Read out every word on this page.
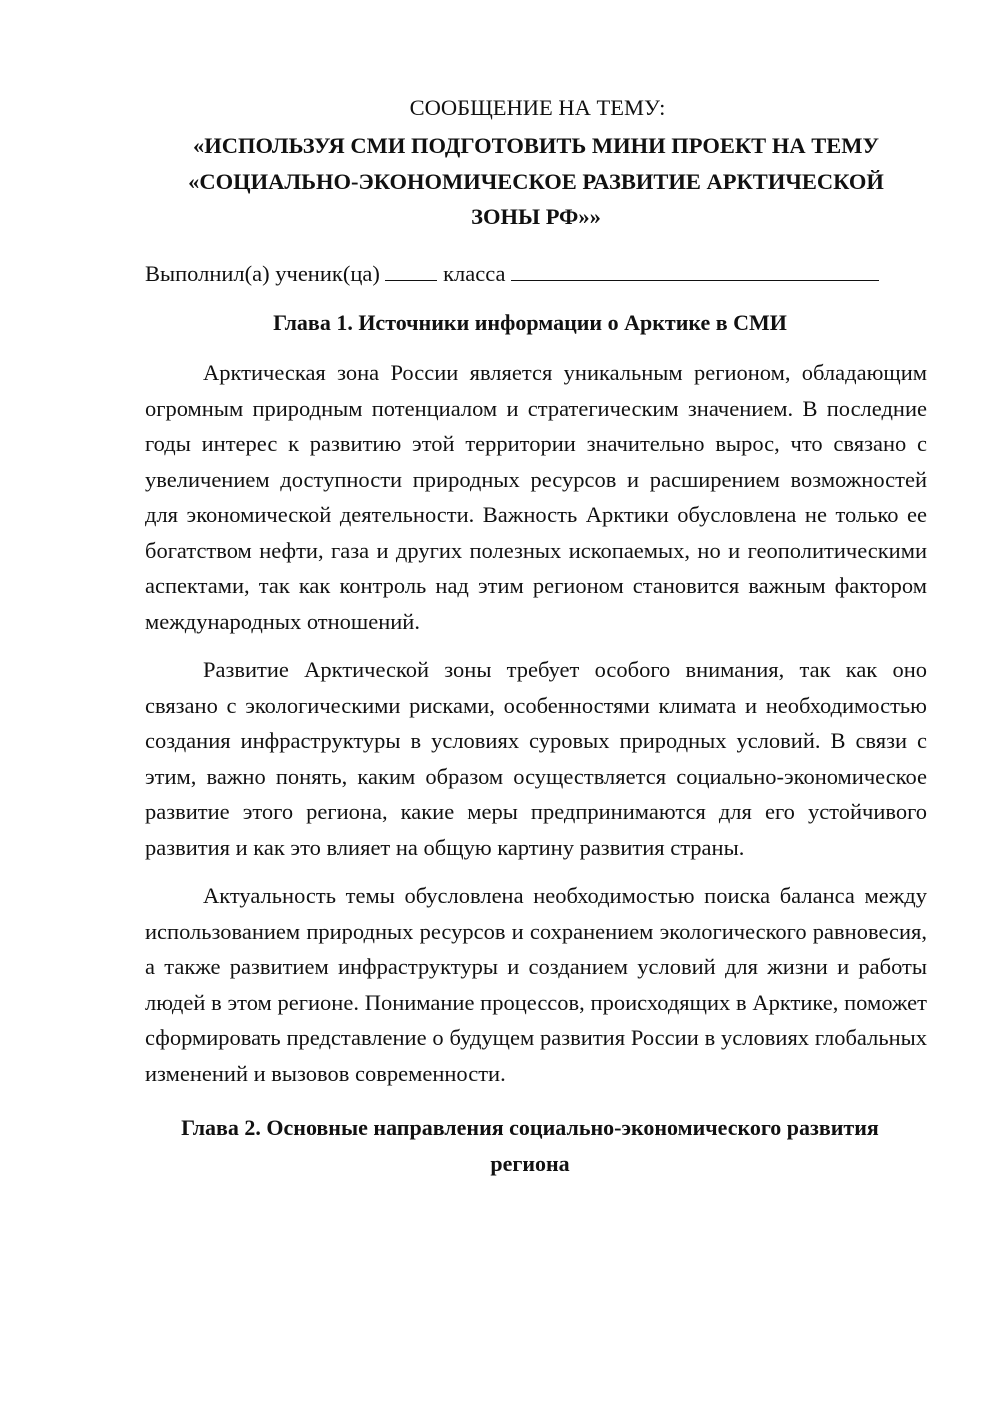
СООБЩЕНИЕ НА ТЕМУ:
«ИСПОЛЬЗУЯ СМИ ПОДГОТОВИТЬ МИНИ ПРОЕКТ НА ТЕМУ
«СОЦИАЛЬНО-ЭКОНОМИЧЕСКОЕ РАЗВИТИЕ АРКТИЧЕСКОЙ
ЗОНЫ РФ»»
Выполнил(а) ученик(ца)	класса
Глава 1. Источники информации о Арктике в СМИ

Арктическая зона России является уникальным регионом, обладающим огромным природным потенциалом и стратегическим значением. В последние годы интерес к развитию этой территории значительно вырос, что связано с увеличением доступности природных ресурсов и расширением возможностей для экономической деятельности. Важность Арктики обусловлена не только ее богатством нефти, газа и других полезных ископаемых, но и геополитическими аспектами, так как контроль над этим регионом становится важным фактором международных отношений.

Развитие Арктической зоны требует особого внимания, так как оно связано с экологическими рисками, особенностями климата и необходимостью создания инфраструктуры в условиях суровых природных условий. В связи с этим, важно понять, каким образом осуществляется социально-экономическое развитие этого региона, какие меры предпринимаются для его устойчивого развития и как это влияет на общую картину развития страны.

Актуальность темы обусловлена необходимостью поиска баланса между использованием природных ресурсов и сохранением экологического равновесия, а также развитием инфраструктуры и созданием условий для жизни и работы людей в этом регионе. Понимание процессов, происходящих в Арктике, поможет сформировать представление о будущем развития России в условиях глобальных изменений и вызовов современности.

Глава 2. Основные направления социально-экономического развития
региона
